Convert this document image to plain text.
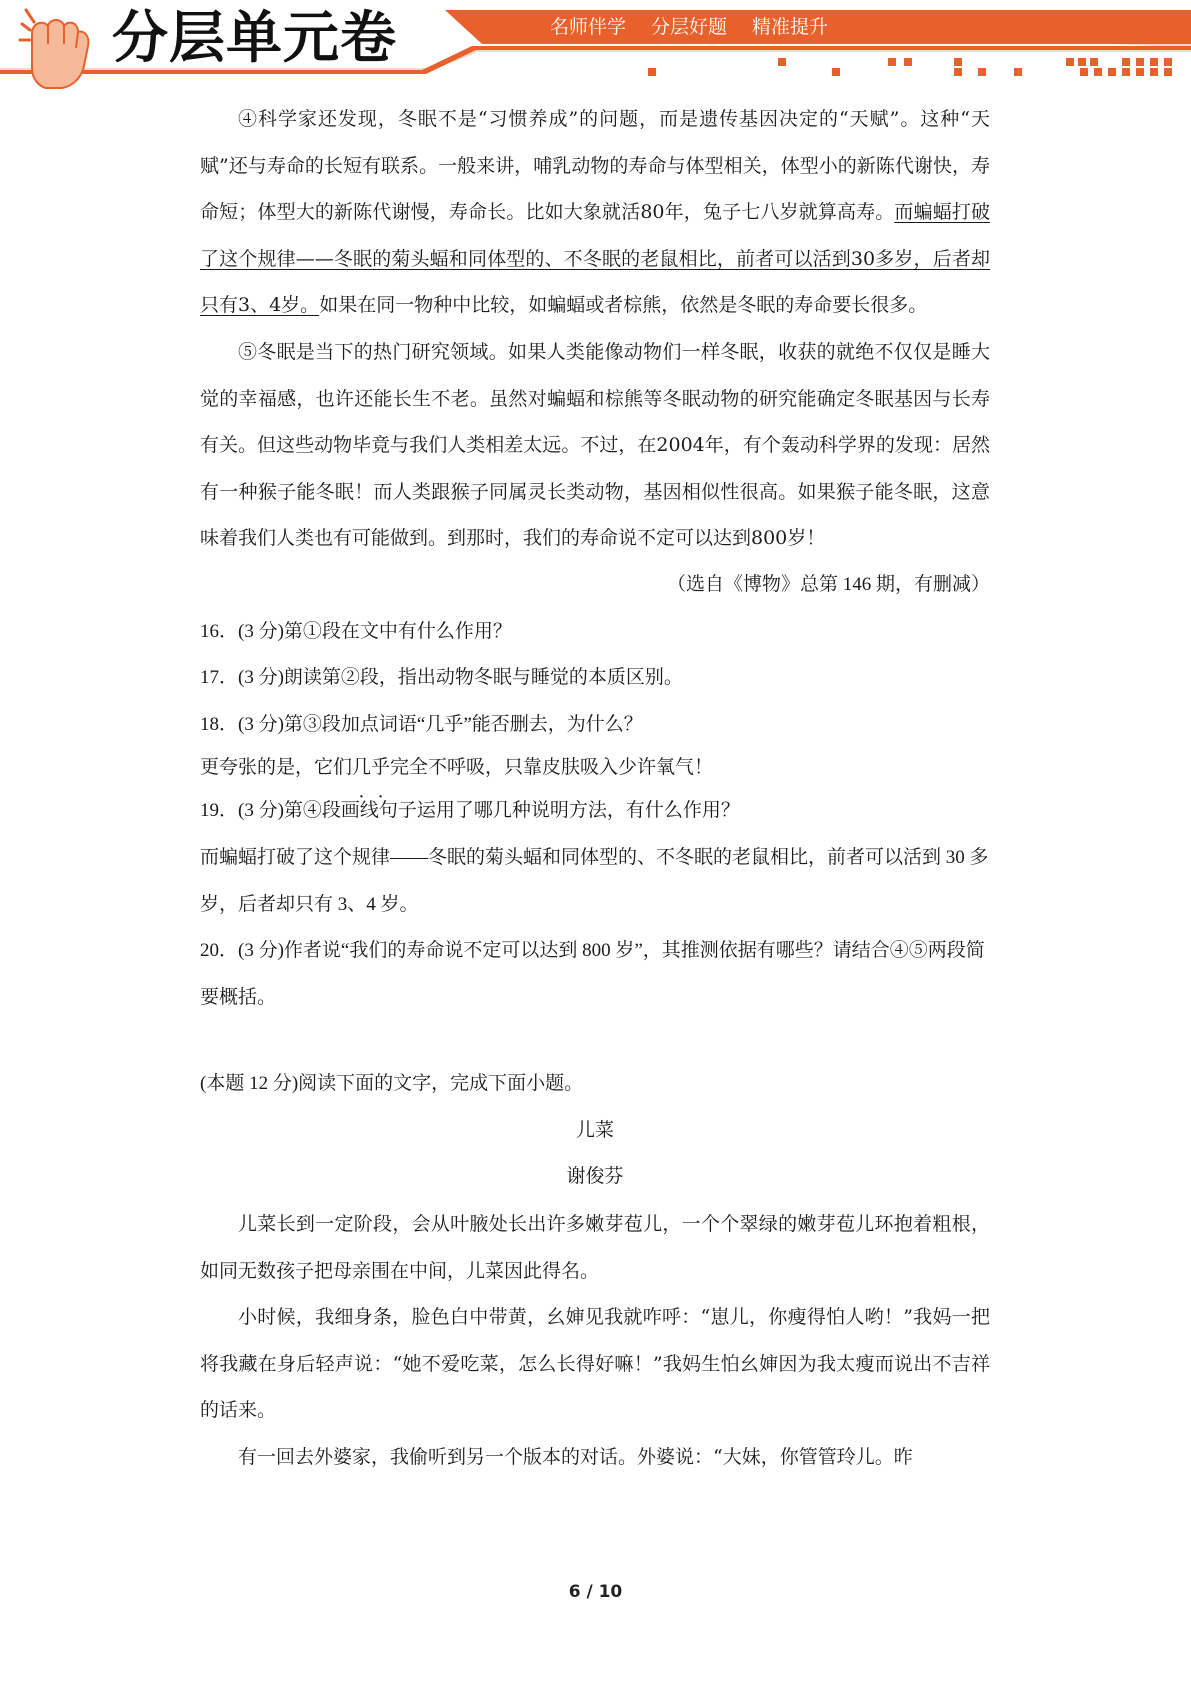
分层单元卷	名师伴学 分层好题 精准提升

④科学家还发现，冬眠不是“习惯养成”的问题，而是遗传基因决定的“天赋”。这种“天赋”还与寿命的长短有联系。一般来讲，哺乳动物的寿命与体型相关，体型小的新陈代谢快，寿命短；体型大的新陈代谢慢，寿命长。比如大象就活80年，兔子七八岁就算高寿。而蝙蝠打破了这个规律——冬眠的菊头蝠和同体型的、不冬眠的老鼠相比，前者可以活到30多岁，后者却只有3、4岁。如果在同一物种中比较，如蝙蝠或者棕熊，依然是冬眠的寿命要长很多。

⑤冬眠是当下的热门研究领域。如果人类能像动物们一样冬眠，收获的就绝不仅仅是睡大觉的幸福感，也许还能长生不老。虽然对蝙蝠和棕熊等冬眠动物的研究能确定冬眠基因与长寿有关。但这些动物毕竟与我们人类相差太远。不过，在2004年，有个轰动科学界的发现：居然有一种猴子能冬眠！而人类跟猴子同属灵长类动物，基因相似性很高。如果猴子能冬眠，这意味着我们人类也有可能做到。到那时，我们的寿命说不定可以达到800岁！

（选自《博物》总第 146 期，有删减）

16．(3 分)第①段在文中有什么作用？

17．(3 分)朗读第②段，指出动物冬眠与睡觉的本质区别。

18．(3 分)第③段加点词语“几乎”能否删去，为什么？

更夸张的是，它们几乎完全不呼吸，只靠皮肤吸入少许氧气！

19．(3 分)第④段画线句子运用了哪几种说明方法，有什么作用？

而蝙蝠打破了这个规律——冬眠的菊头蝠和同体型的、不冬眠的老鼠相比，前者可以活到 30 多岁，后者却只有 3、4 岁。

20．(3 分)作者说“我们的寿命说不定可以达到 800 岁”，其推测依据有哪些？请结合④⑤两段简要概括。

(本题 12 分)阅读下面的文字，完成下面小题。

儿菜

谢俊芬

儿菜长到一定阶段，会从叶腋处长出许多嫩芽苞儿，一个个翠绿的嫩芽苞儿环抱着粗根，如同无数孩子把母亲围在中间，儿菜因此得名。

小时候，我细身条，脸色白中带黄，幺婶见我就咋呼：“崽儿，你瘦得怕人哟！”我妈一把将我藏在身后轻声说：“她不爱吃菜，怎么长得好嘛！”我妈生怕幺婶因为我太瘦而说出不吉祥的话来。

有一回去外婆家，我偷听到另一个版本的对话。外婆说：“大妹，你管管玲儿。昨

6 / 10
